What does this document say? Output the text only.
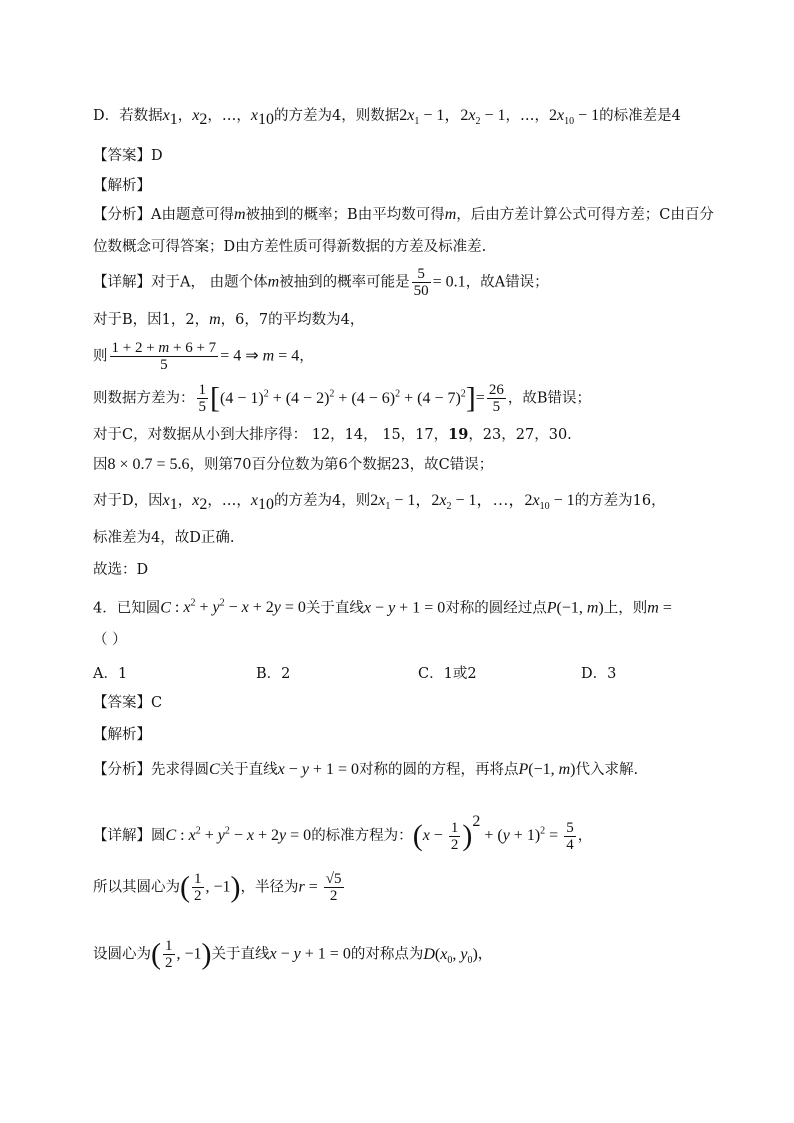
D．若数据$x_1$，$x_2$，…，$x_{10}$的方差为4，则数据$2x_1 - 1$，$2x_2 - 1$，…，$2x_{10} - 1$的标准差是4
【答案】D
【解析】
【分析】A由题意可得m被抽到的概率；B由平均数可得m，后由方差计算公式可得方差；C由百分
位数概念可得答案；D由方差性质可得新数据的方差及标准差.
【详解】对于A， 由题个体m被抽到的概率可能是 $\frac{5}{50} = 0.1$，故A错误；
对于B，因1，2，m，6，7的平均数为4，
则 $\frac{1 + 2 + m + 6 + 7}{5} = 4$ ⇒ m = 4，
则数据方差为： $\frac{1}{5} [(4 - 1)^2 + (4 - 2)^2 + (4 - 6)^2 + (4 - 7)^2]= \frac{26}{5}$ ，故B错误；
对于C，对数据从小到大排序得： 12，14， 15，17，19，23，27，30.
因8 × 0.7 = 5.6，则第70百分位数为第6个数据23，故C错误；
对于D，因$x_1$，$x_2$，…，$x_{10}$的方差为4，则$2x_1 - 1$，$2x_2 - 1$，…，$2x_{10} - 1$的方差为16，
标准差为4，故D正确.
故选：D
4．已知圆C : $x^2 + y^2 - x + 2y = 0$关于直线x − y + 1 = 0对称的圆经过点P(−1, m)上，则m =
（ ）
A．1	B．2	C．1或2	D．3
【答案】C
【解析】
【分析】先求得圆C关于直线x − y + 1 = 0对称的圆的方程，再将点P(−1, m)代入求解.
【详解】圆C : $x^2 + y^2 - x + 2y = 0$的标准方程为：$(x - \frac{1}{2} )^2 + (y + 1)^2 = \frac{5}{4}$ ，
所以其圆心为( $\frac{1}{2}$ , −1)，半径为$r = \frac{√5}{2}$
设圆心为( $\frac{1}{2}$ , −1)关于直线x − y + 1 = 0的对称点为$D(x_0$, $y_0$)，
